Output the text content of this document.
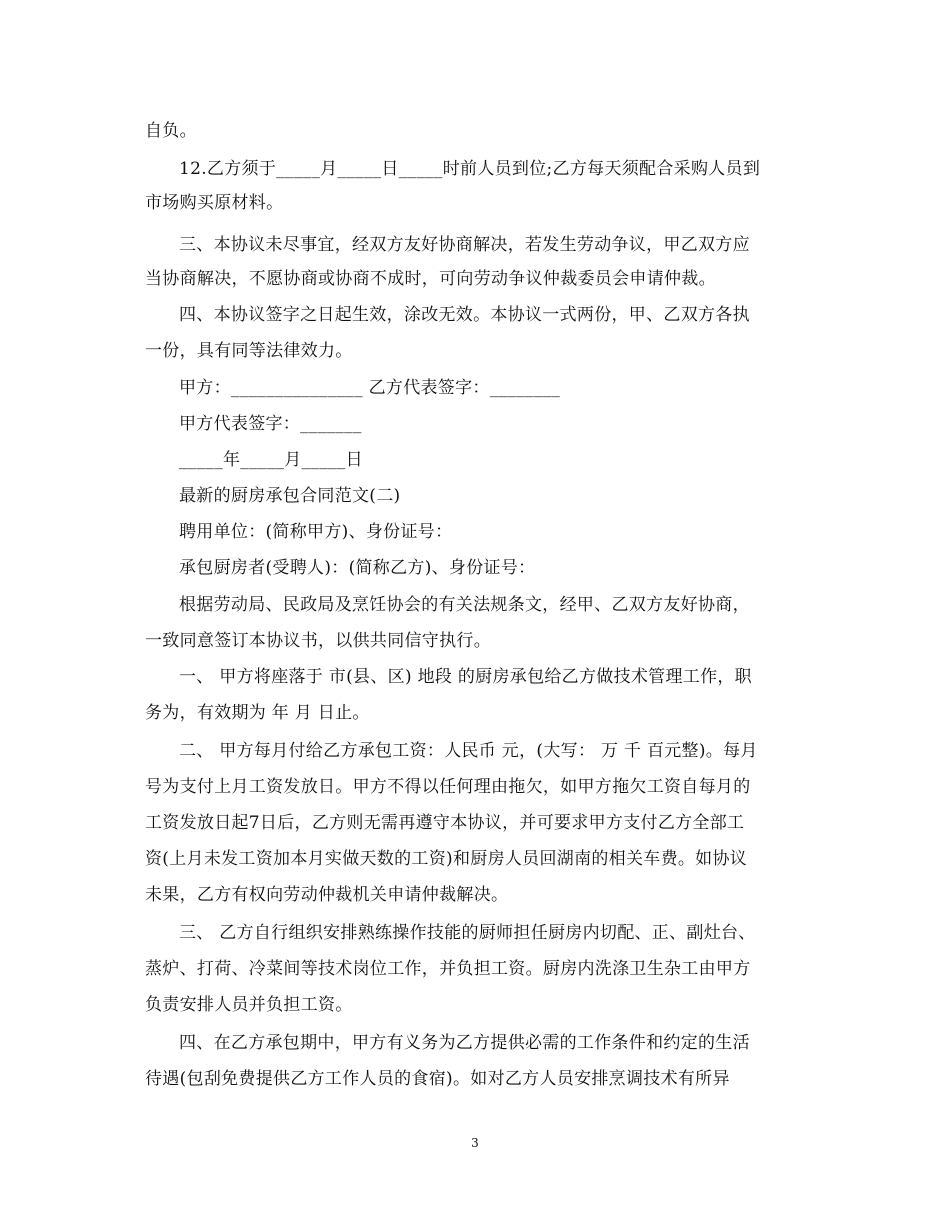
自负。
12.乙方须于_____月_____日_____时前人员到位;乙方每天须配合采购人员到
市场购买原材料。
三、本协议未尽事宜，经双方友好协商解决，若发生劳动争议，甲乙双方应
当协商解决，不愿协商或协商不成时，可向劳动争议仲裁委员会申请仲裁。
四、本协议签字之日起生效，涂改无效。本协议一式两份，甲、乙双方各执
一份，具有同等法律效力。
甲方：_______________ 乙方代表签字：________
甲方代表签字：_______
_____年_____月_____日
最新的厨房承包合同范文(二)
聘用单位：(简称甲方)、身份证号：
承包厨房者(受聘人)：(简称乙方)、身份证号：
根据劳动局、民政局及烹饪协会的有关法规条文，经甲、乙双方友好协商，
一致同意签订本协议书，以供共同信守执行。
一、 甲方将座落于 市(县、区) 地段 的厨房承包给乙方做技术管理工作，职
务为，有效期为 年 月 日止。
二、 甲方每月付给乙方承包工资：人民币 元，(大写： 万 千 百元整)。每月
号为支付上月工资发放日。甲方不得以任何理由拖欠，如甲方拖欠工资自每月的
工资发放日起7日后，乙方则无需再遵守本协议，并可要求甲方支付乙方全部工
资(上月未发工资加本月实做天数的工资)和厨房人员回湖南的相关车费。如协议
未果，乙方有权向劳动仲裁机关申请仲裁解决。
三、 乙方自行组织安排熟练操作技能的厨师担任厨房内切配、正、副灶台、
蒸炉、打荷、冷菜间等技术岗位工作，并负担工资。厨房内洗涤卫生杂工由甲方
负责安排人员并负担工资。
四、在乙方承包期中，甲方有义务为乙方提供必需的工作条件和约定的生活
待遇(包刮免费提供乙方工作人员的食宿)。如对乙方人员安排烹调技术有所异
3
